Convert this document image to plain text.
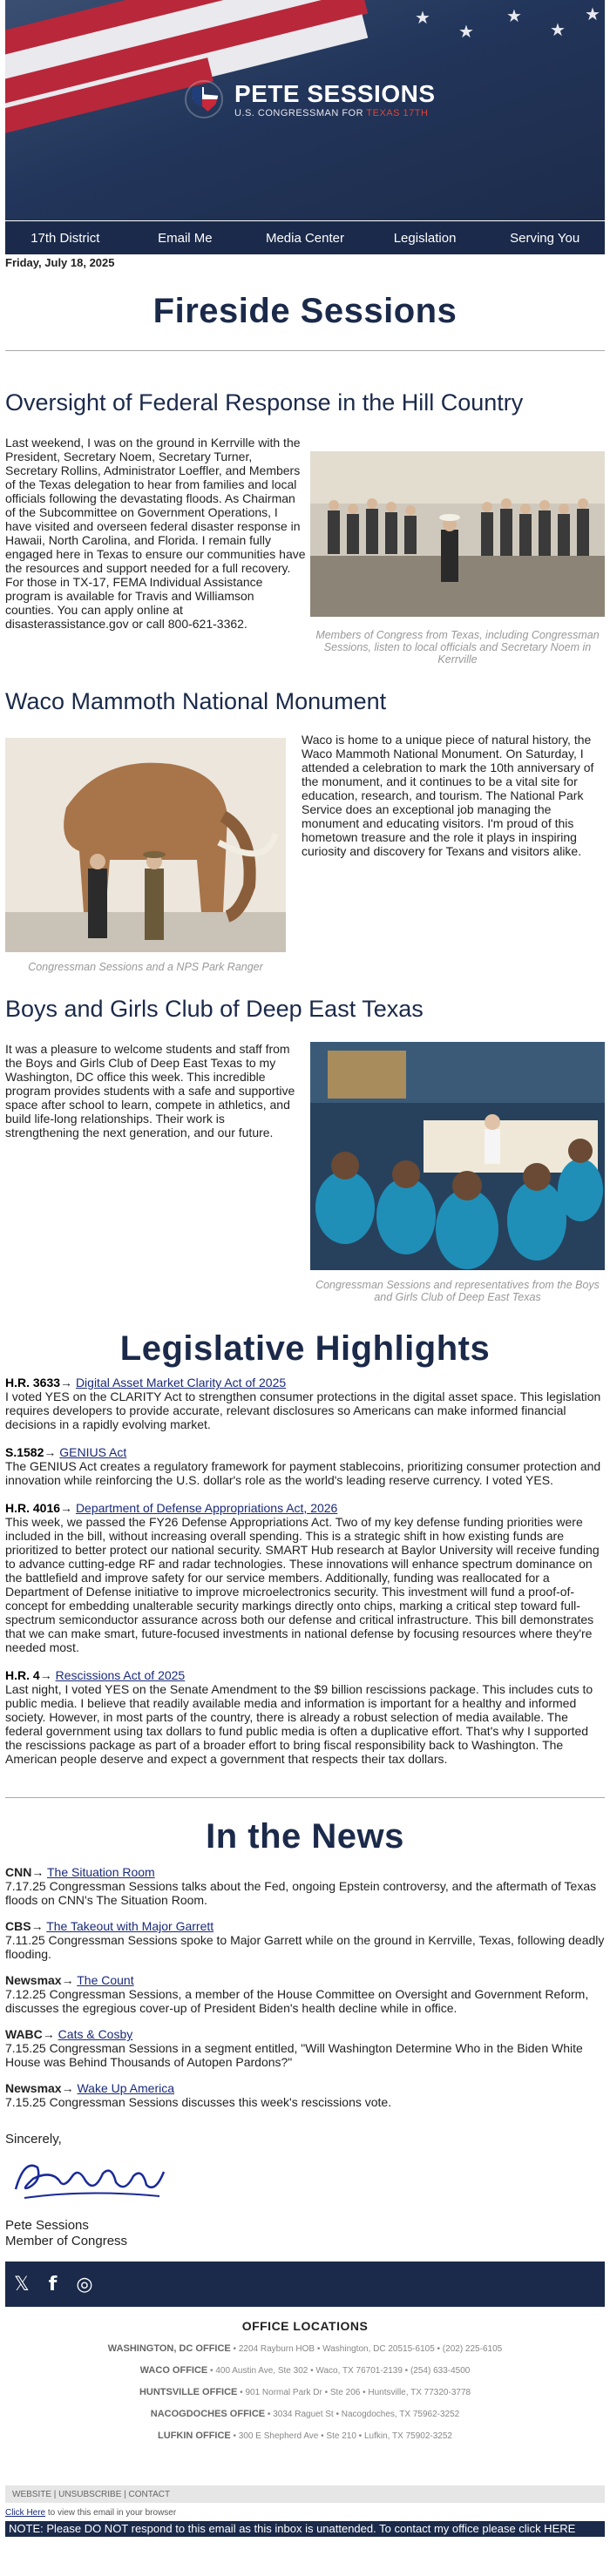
★
★
★
★
★

PETE SESSIONS
U.S. CONGRESSMAN FOR TEXAS 17TH
17th District	Email Me	Media Center	Legislation	Serving You
Friday, July 18, 2025
Fireside Sessions
Oversight of Federal Response in the Hill Country

Last weekend, I was on the ground in Kerrville with the President, Secretary Noem, Secretary Turner, Secretary Rollins, Administrator Loeffler, and Members of the Texas delegation to hear from families and local officials following the devastating floods. As Chairman of the Subcommittee on Government Operations, I have visited and overseen federal disaster response in Hawaii, North Carolina, and Florida. I remain fully engaged here in Texas to ensure our communities have the resources and support needed for a full recovery. For those in TX-17, FEMA Individual Assistance program is available for Travis and Williamson counties. You can apply online at disasterassistance.gov or call 800-621-3362.

Members of Congress from Texas, including Congressman Sessions, listen to local officials and Secretary Noem in Kerrville
Waco Mammoth National Monument
Congressman Sessions and a NPS Park Ranger

Waco is home to a unique piece of natural history, the Waco Mammoth National Monument. On Saturday, I attended a celebration to mark the 10th anniversary of the monument, and it continues to be a vital site for education, research, and tourism. The National Park Service does an exceptional job managing the monument and educating visitors. I'm proud of this hometown treasure and the role it plays in inspiring curiosity and discovery for Texans and visitors alike.

Boys and Girls Club of Deep East Texas

It was a pleasure to welcome students and staff from the Boys and Girls Club of Deep East Texas to my Washington, DC office this week. This incredible program provides students with a safe and supportive space after school to learn, compete in athletics, and build life-long relationships. Their work is strengthening the next generation, and our future.

Congressman Sessions and representatives from the Boys and Girls Club of Deep East Texas
Legislative Highlights
H.R. 3633→ Digital Asset Market Clarity Act of 2025

I voted YES on the CLARITY Act to strengthen consumer protections in the digital asset space. This legislation requires developers to provide accurate, relevant disclosures so Americans can make informed financial decisions in a rapidly evolving market.

S.1582→ GENIUS Act

The GENIUS Act creates a regulatory framework for payment stablecoins, prioritizing consumer protection and innovation while reinforcing the U.S. dollar's role as the world's leading reserve currency. I voted YES.

H.R. 4016→ Department of Defense Appropriations Act, 2026

This week, we passed the FY26 Defense Appropriations Act. Two of my key defense funding priorities were included in the bill, without increasing overall spending. This is a strategic shift in how existing funds are prioritized to better protect our national security. SMART Hub research at Baylor University will receive funding to advance cutting-edge RF and radar technologies. These innovations will enhance spectrum dominance on the battlefield and improve safety for our service members. Additionally, funding was reallocated for a Department of Defense initiative to improve microelectronics security. This investment will fund a proof-of-concept for embedding unalterable security markings directly onto chips, marking a critical step toward full-spectrum semiconductor assurance across both our defense and critical infrastructure. This bill demonstrates that we can make smart, future-focused investments in national defense by focusing resources where they're needed most.

H.R. 4→ Rescissions Act of 2025

Last night, I voted YES on the Senate Amendment to the $9 billion rescissions package. This includes cuts to public media. I believe that readily available media and information is important for a healthy and informed society. However, in most parts of the country, there is already a robust selection of media available. The federal government using tax dollars to fund public media is often a duplicative effort. That's why I supported the rescissions package as part of a broader effort to bring fiscal responsibility back to Washington. The American people deserve and expect a government that respects their tax dollars.

In the News
CNN→ The Situation Room
7.17.25 Congressman Sessions talks about the Fed, ongoing Epstein controversy, and the aftermath of Texas floods on CNN's The Situation Room.
CBS→ The Takeout with Major Garrett
7.11.25 Congressman Sessions spoke to Major Garrett while on the ground in Kerrville, Texas, following deadly flooding.
Newsmax→ The Count
7.12.25 Congressman Sessions, a member of the House Committee on Oversight and Government Reform, discusses the egregious cover-up of President Biden's health decline while in office.
WABC→ Cats & Cosby
7.15.25 Congressman Sessions in a segment entitled, "Will Washington Determine Who in the Biden White House was Behind Thousands of Autopen Pardons?"
Newsmax→ Wake Up America
7.15.25 Congressman Sessions discusses this week's rescissions vote.
Sincerely,
Pete Sessions
Member of Congress
𝕏 f ◎
OFFICE LOCATIONS
WASHINGTON, DC OFFICE • 2204 Rayburn HOB • Washington, DC 20515-6105 • (202) 225-6105
WACO OFFICE • 400 Austin Ave, Ste 302 • Waco, TX 76701-2139 • (254) 633-4500
HUNTSVILLE OFFICE • 901 Normal Park Dr • Ste 206 • Huntsville, TX 77320-3778
NACOGDOCHES OFFICE • 3034 Raguet St • Nacogdoches, TX 75962-3252
LUFKIN OFFICE • 300 E Shepherd Ave • Ste 210 • Lufkin, TX 75902-3252
WEBSITE | UNSUBSCRIBE | CONTACT
Click Here to view this email in your browser
NOTE: Please DO NOT respond to this email as this inbox is unattended. To contact my office please click HERE
